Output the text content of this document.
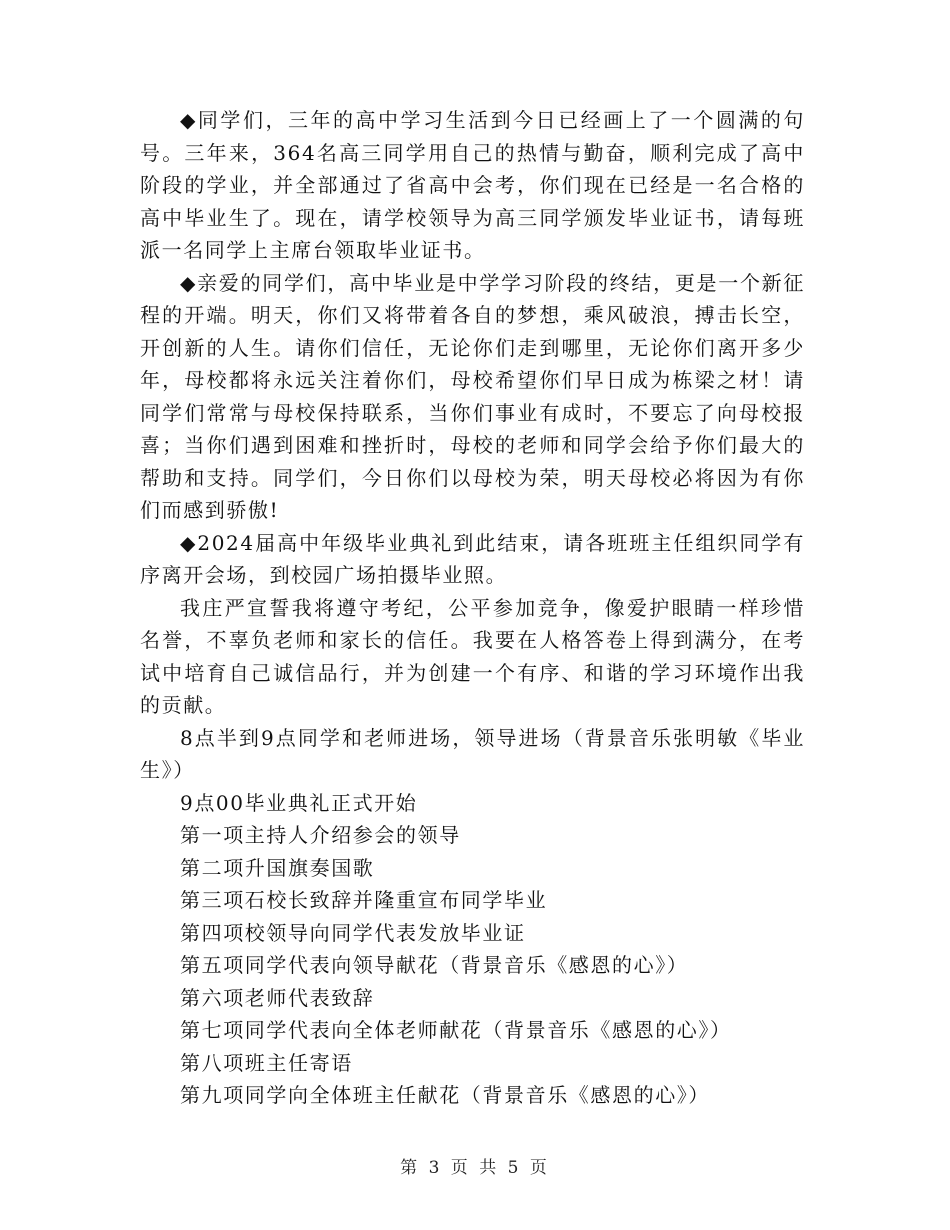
◆同学们，三年的高中学习生活到今日已经画上了一个圆满的句号。三年来，364名高三同学用自己的热情与勤奋，顺利完成了高中阶段的学业，并全部通过了省高中会考，你们现在已经是一名合格的高中毕业生了。现在，请学校领导为高三同学颁发毕业证书，请每班派一名同学上主席台领取毕业证书。

◆亲爱的同学们，高中毕业是中学学习阶段的终结，更是一个新征程的开端。明天，你们又将带着各自的梦想，乘风破浪，搏击长空，开创新的人生。请你们信任，无论你们走到哪里，无论你们离开多少年，母校都将永远关注着你们，母校希望你们早日成为栋梁之材！请同学们常常与母校保持联系，当你们事业有成时，不要忘了向母校报喜；当你们遇到困难和挫折时，母校的老师和同学会给予你们最大的帮助和支持。同学们，今日你们以母校为荣，明天母校必将因为有你们而感到骄傲!

◆2024届高中年级毕业典礼到此结束，请各班班主任组织同学有序离开会场，到校园广场拍摄毕业照。

我庄严宣誓我将遵守考纪，公平参加竞争，像爱护眼睛一样珍惜名誉，不辜负老师和家长的信任。我要在人格答卷上得到满分，在考试中培育自己诚信品行，并为创建一个有序、和谐的学习环境作出我的贡献。

8点半到9点同学和老师进场，领导进场（背景音乐张明敏《毕业生》）

9点00毕业典礼正式开始
第一项主持人介绍参会的领导
第二项升国旗奏国歌
第三项石校长致辞并隆重宣布同学毕业
第四项校领导向同学代表发放毕业证
第五项同学代表向领导献花（背景音乐《感恩的心》）
第六项老师代表致辞
第七项同学代表向全体老师献花（背景音乐《感恩的心》）
第八项班主任寄语
第九项同学向全体班主任献花（背景音乐《感恩的心》）
第 3 页 共 5 页
